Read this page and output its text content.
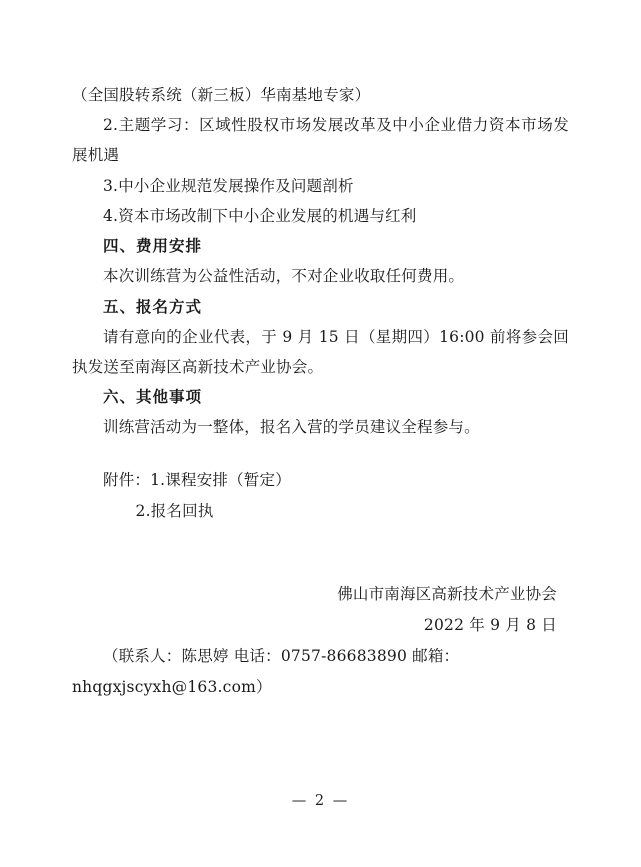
（全国股转系统（新三板）华南基地专家）

2.主题学习：区域性股权市场发展改革及中小企业借力资本市场发展机遇

3.中小企业规范发展操作及问题剖析

4.资本市场改制下中小企业发展的机遇与红利

四、费用安排

本次训练营为公益性活动，不对企业收取任何费用。

五、报名方式

请有意向的企业代表，于 9 月 15 日（星期四）16:00 前将参会回执发送至南海区高新技术产业协会。

六、其他事项

训练营活动为一整体，报名入营的学员建议全程参与。

附件：1.课程安排（暂定）

2.报名回执

佛山市南海区高新技术产业协会

2022 年 9 月 8 日

（联系人：陈思婷 电话：0757-86683890 邮箱：

nhqgxjscyxh@163.com）

— 2 —
